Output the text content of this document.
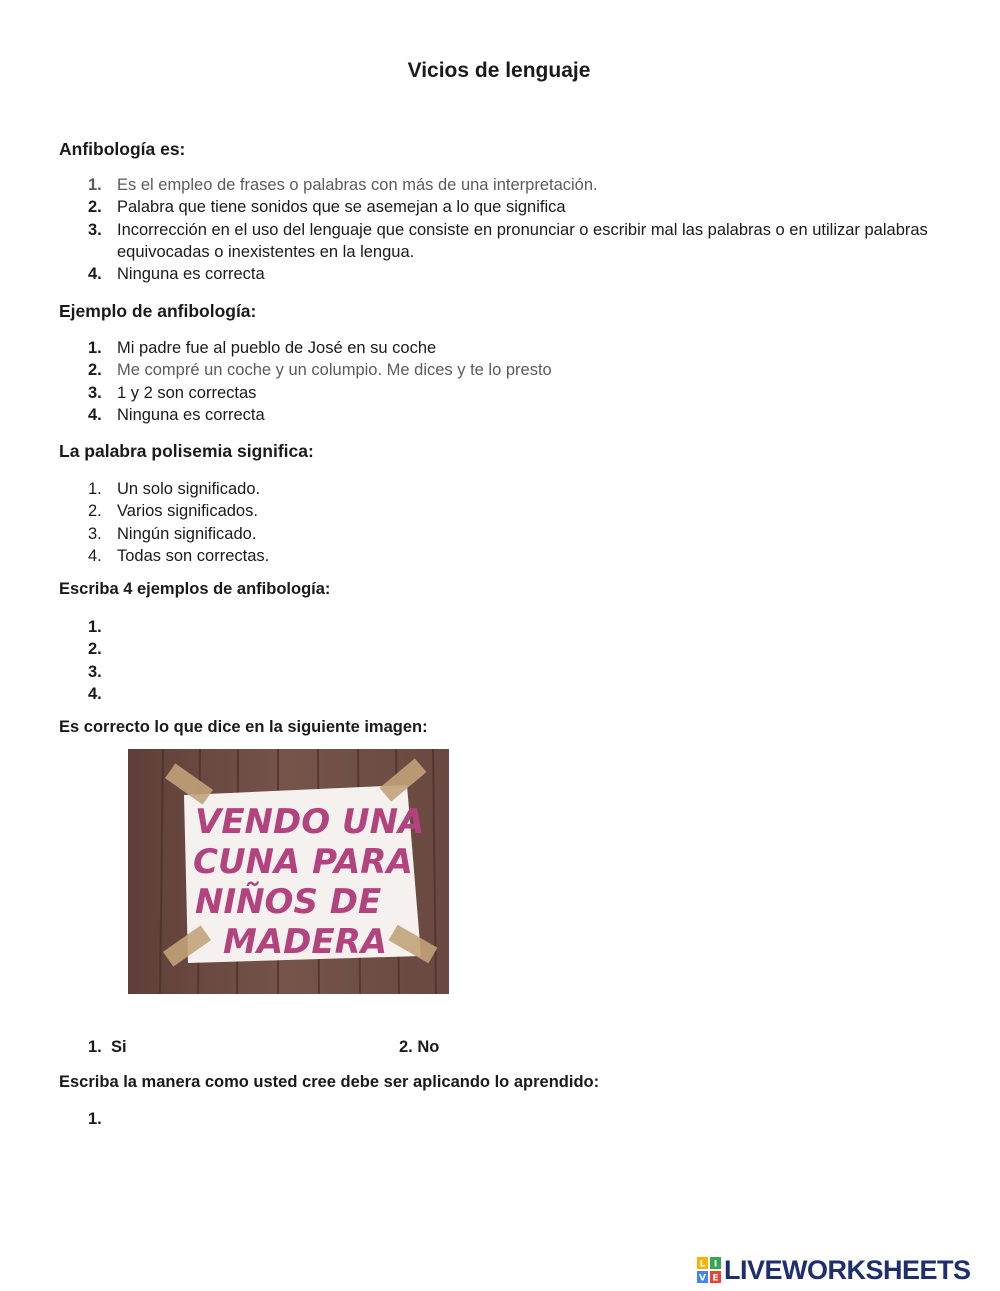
Vicios de lenguaje
Anfibología es:
1. Es el empleo de frases o palabras con más de una interpretación.
2. Palabra que tiene sonidos que se asemejan a lo que significa
3. Incorrección en el uso del lenguaje que consiste en pronunciar o escribir mal las palabras o en utilizar palabras equivocadas o inexistentes en la lengua.
4. Ninguna es correcta
Ejemplo de anfibología:
1. Mi padre fue al pueblo de José en su coche
2. Me compré un coche y un columpio. Me dices y te lo presto
3. 1 y 2 son correctas
4. Ninguna es correcta
La palabra polisemia significa:
1. Un solo significado.
2. Varios significados.
3. Ningún significado.
4. Todas son correctas.
Escriba 4 ejemplos de anfibología:
1.

2.

3.

4.

Es correcto lo que dice en la siguiente imagen:
VENDO UNA
CUNA PARA
NIÑOS DE
MADERA
1. Si	2. No
Escriba la manera como usted cree debe ser aplicando lo aprendido:
1.

L I
V E LIVEWORKSHEETS
